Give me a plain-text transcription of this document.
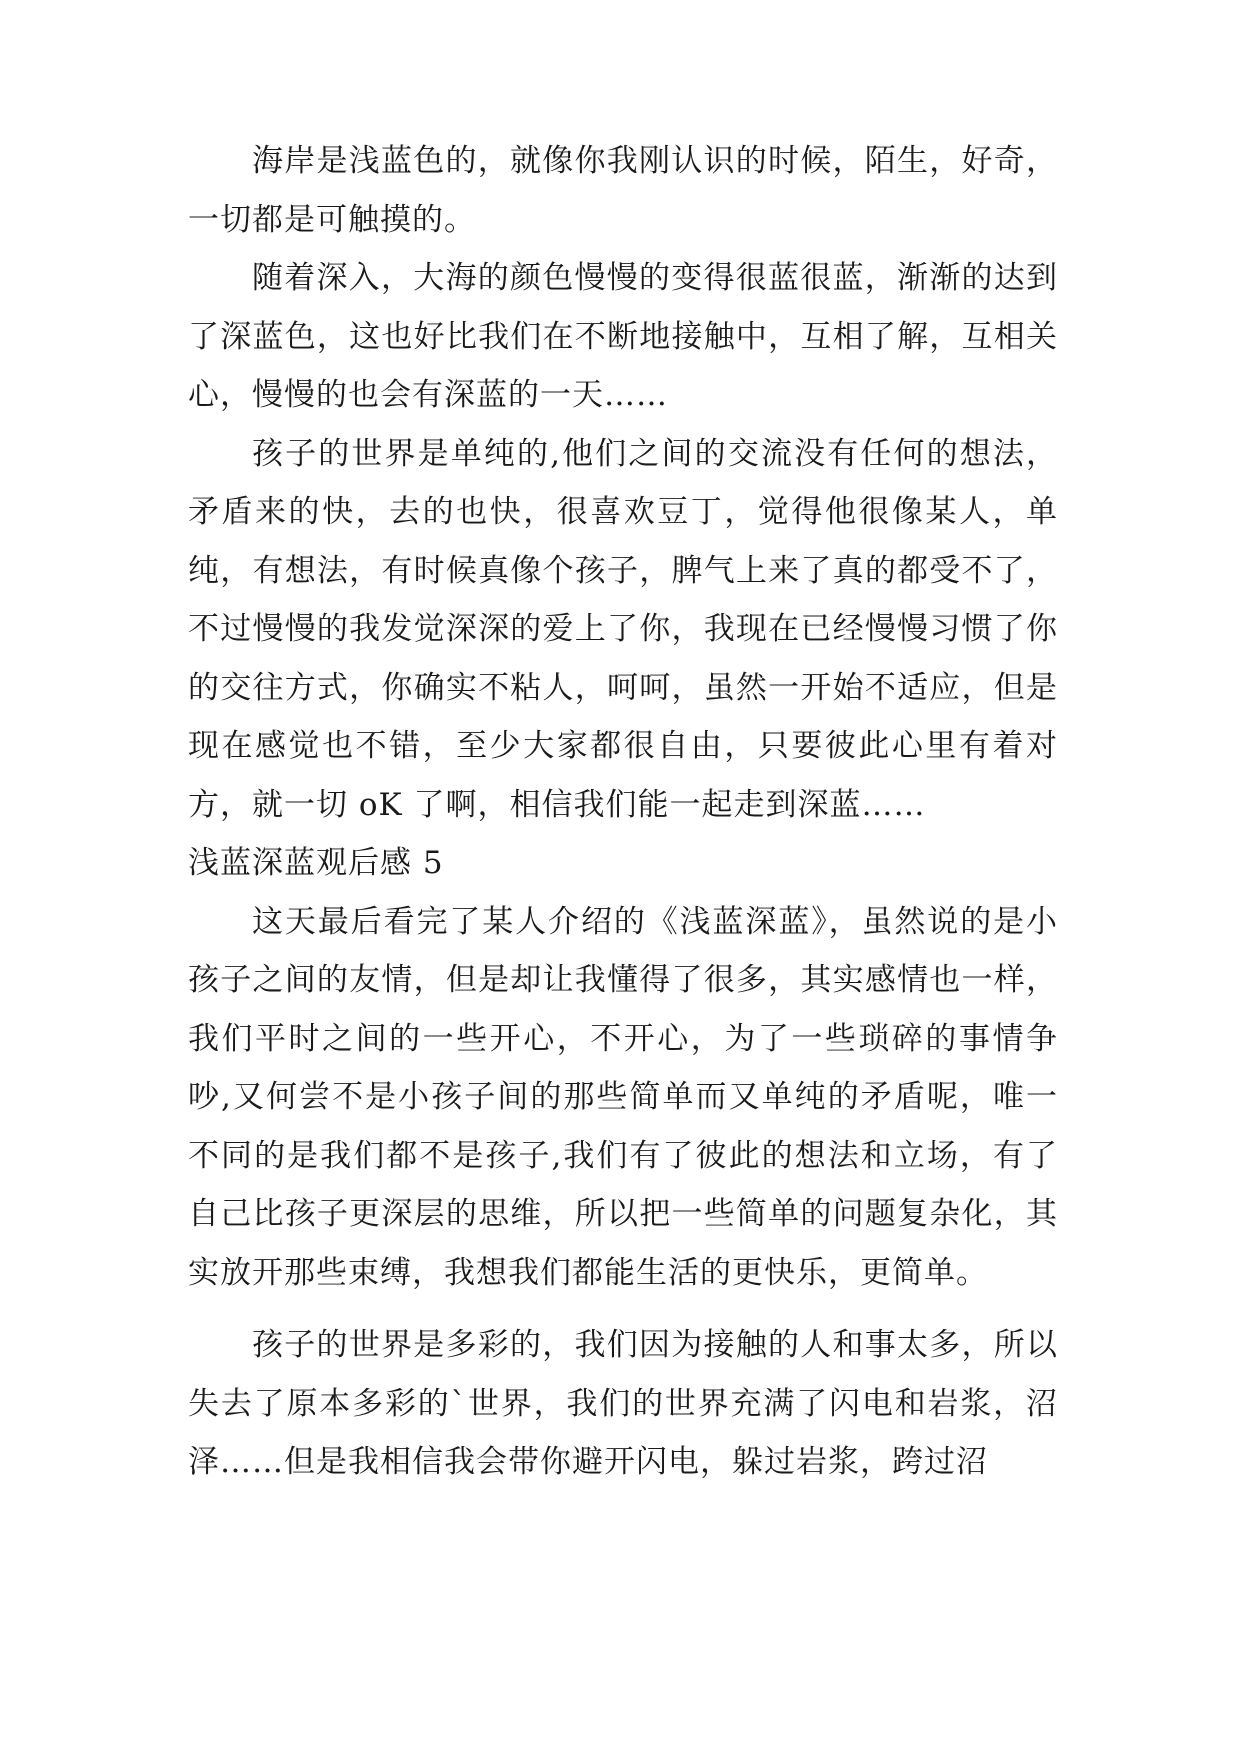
海岸是浅蓝色的，就像你我刚认识的时候，陌生，好奇，一切都是可触摸的。

随着深入，大海的颜色慢慢的变得很蓝很蓝，渐渐的达到了深蓝色，这也好比我们在不断地接触中，互相了解，互相关心，慢慢的也会有深蓝的一天……

孩子的世界是单纯的,他们之间的交流没有任何的想法，矛盾来的快，去的也快，很喜欢豆丁，觉得他很像某人，单纯，有想法，有时候真像个孩子，脾气上来了真的都受不了，不过慢慢的我发觉深深的爱上了你，我现在已经慢慢习惯了你的交往方式，你确实不粘人，呵呵，虽然一开始不适应，但是现在感觉也不错，至少大家都很自由，只要彼此心里有着对方，就一切 oK 了啊，相信我们能一起走到深蓝……

浅蓝深蓝观后感 5

这天最后看完了某人介绍的《浅蓝深蓝》，虽然说的是小孩子之间的友情，但是却让我懂得了很多，其实感情也一样，我们平时之间的一些开心，不开心，为了一些琐碎的事情争吵,又何尝不是小孩子间的那些简单而又单纯的矛盾呢，唯一不同的是我们都不是孩子,我们有了彼此的想法和立场，有了自己比孩子更深层的思维，所以把一些简单的问题复杂化，其实放开那些束缚，我想我们都能生活的更快乐，更简单。

孩子的世界是多彩的，我们因为接触的人和事太多，所以失去了原本多彩的`世界，我们的世界充满了闪电和岩浆，沼泽……但是我相信我会带你避开闪电，躲过岩浆，跨过沼
